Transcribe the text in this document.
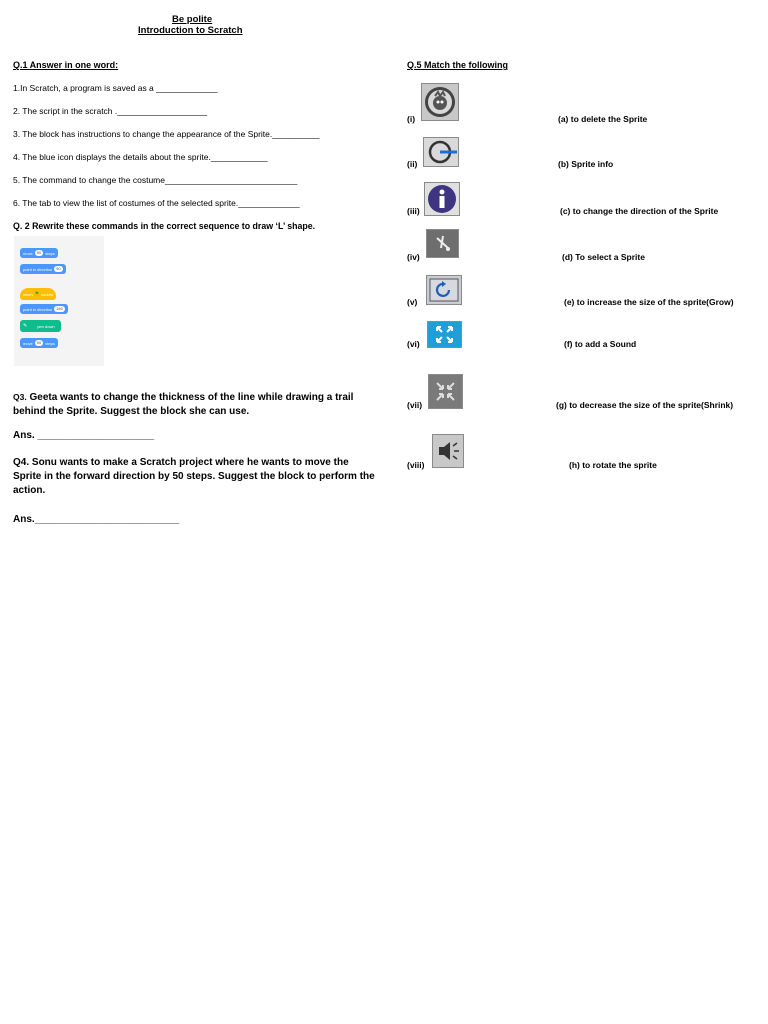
Be polite
Introduction to Scratch
Q.1 Answer in one word:
1.In Scratch, a program is saved as a _____________
2. The script in the scratch .___________________
3. The block has instructions to change the appearance of the Sprite.__________
4. The blue icon displays the details about the sprite.____________
5. The command to change the costume____________________________
6. The tab to view the list of costumes of the selected sprite._____________
Q. 2 Rewrite these commands in the correct sequence to draw ‘L’ shape.
move	50	steps
point in direction	90
when ⚑ clicked
point in direction	180
✎	pen down
move	50	steps
Q3. Geeta wants to change the thickness of the line while drawing a trail behind the Sprite. Suggest the block she can use.
Ans. _____________________
Q4. Sonu wants to make a Scratch project where he wants to move the Sprite in the forward direction by 50 steps. Suggest the block to perform the action.
Ans.__________________________
Q.5 Match the following
(i)	(a) to delete the Sprite
(ii)	(b) Sprite info
(iii)	(c) to change the direction of the Sprite
(iv)	(d) To select a Sprite
(v)	(e) to increase the size of the sprite(Grow)
(vi)	(f) to add a Sound
(vii)	(g) to decrease the size of the sprite(Shrink)
(viii)	(h) to rotate the sprite
